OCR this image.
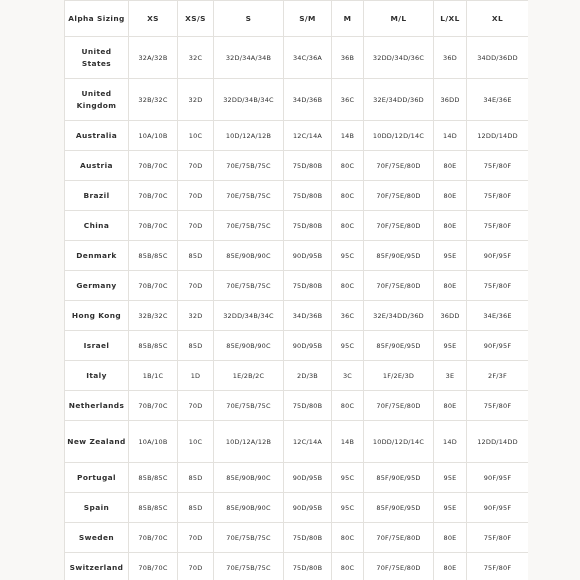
Alpha Sizing	XS	XS/S	S	S/M	M	M/L	L/XL	XL
United States	32A/32B	32C	32D/34A/34B	34C/36A	36B	32DD/34D/36C	36D	34DD/36DD
United Kingdom	32B/32C	32D	32DD/34B/34C	34D/36B	36C	32E/34DD/36D	36DD	34E/36E
Australia	10A/10B	10C	10D/12A/12B	12C/14A	14B	10DD/12D/14C	14D	12DD/14DD
Austria	70B/70C	70D	70E/75B/75C	75D/80B	80C	70F/75E/80D	80E	75F/80F
Brazil	70B/70C	70D	70E/75B/75C	75D/80B	80C	70F/75E/80D	80E	75F/80F
China	70B/70C	70D	70E/75B/75C	75D/80B	80C	70F/75E/80D	80E	75F/80F
Denmark	85B/85C	85D	85E/90B/90C	90D/95B	95C	85F/90E/95D	95E	90F/95F
Germany	70B/70C	70D	70E/75B/75C	75D/80B	80C	70F/75E/80D	80E	75F/80F
Hong Kong	32B/32C	32D	32DD/34B/34C	34D/36B	36C	32E/34DD/36D	36DD	34E/36E
Israel	85B/85C	85D	85E/90B/90C	90D/95B	95C	85F/90E/95D	95E	90F/95F
Italy	1B/1C	1D	1E/2B/2C	2D/3B	3C	1F/2E/3D	3E	2F/3F
Netherlands	70B/70C	70D	70E/75B/75C	75D/80B	80C	70F/75E/80D	80E	75F/80F
New Zealand	10A/10B	10C	10D/12A/12B	12C/14A	14B	10DD/12D/14C	14D	12DD/14DD
Portugal	85B/85C	85D	85E/90B/90C	90D/95B	95C	85F/90E/95D	95E	90F/95F
Spain	85B/85C	85D	85E/90B/90C	90D/95B	95C	85F/90E/95D	95E	90F/95F
Sweden	70B/70C	70D	70E/75B/75C	75D/80B	80C	70F/75E/80D	80E	75F/80F
Switzerland	70B/70C	70D	70E/75B/75C	75D/80B	80C	70F/75E/80D	80E	75F/80F
